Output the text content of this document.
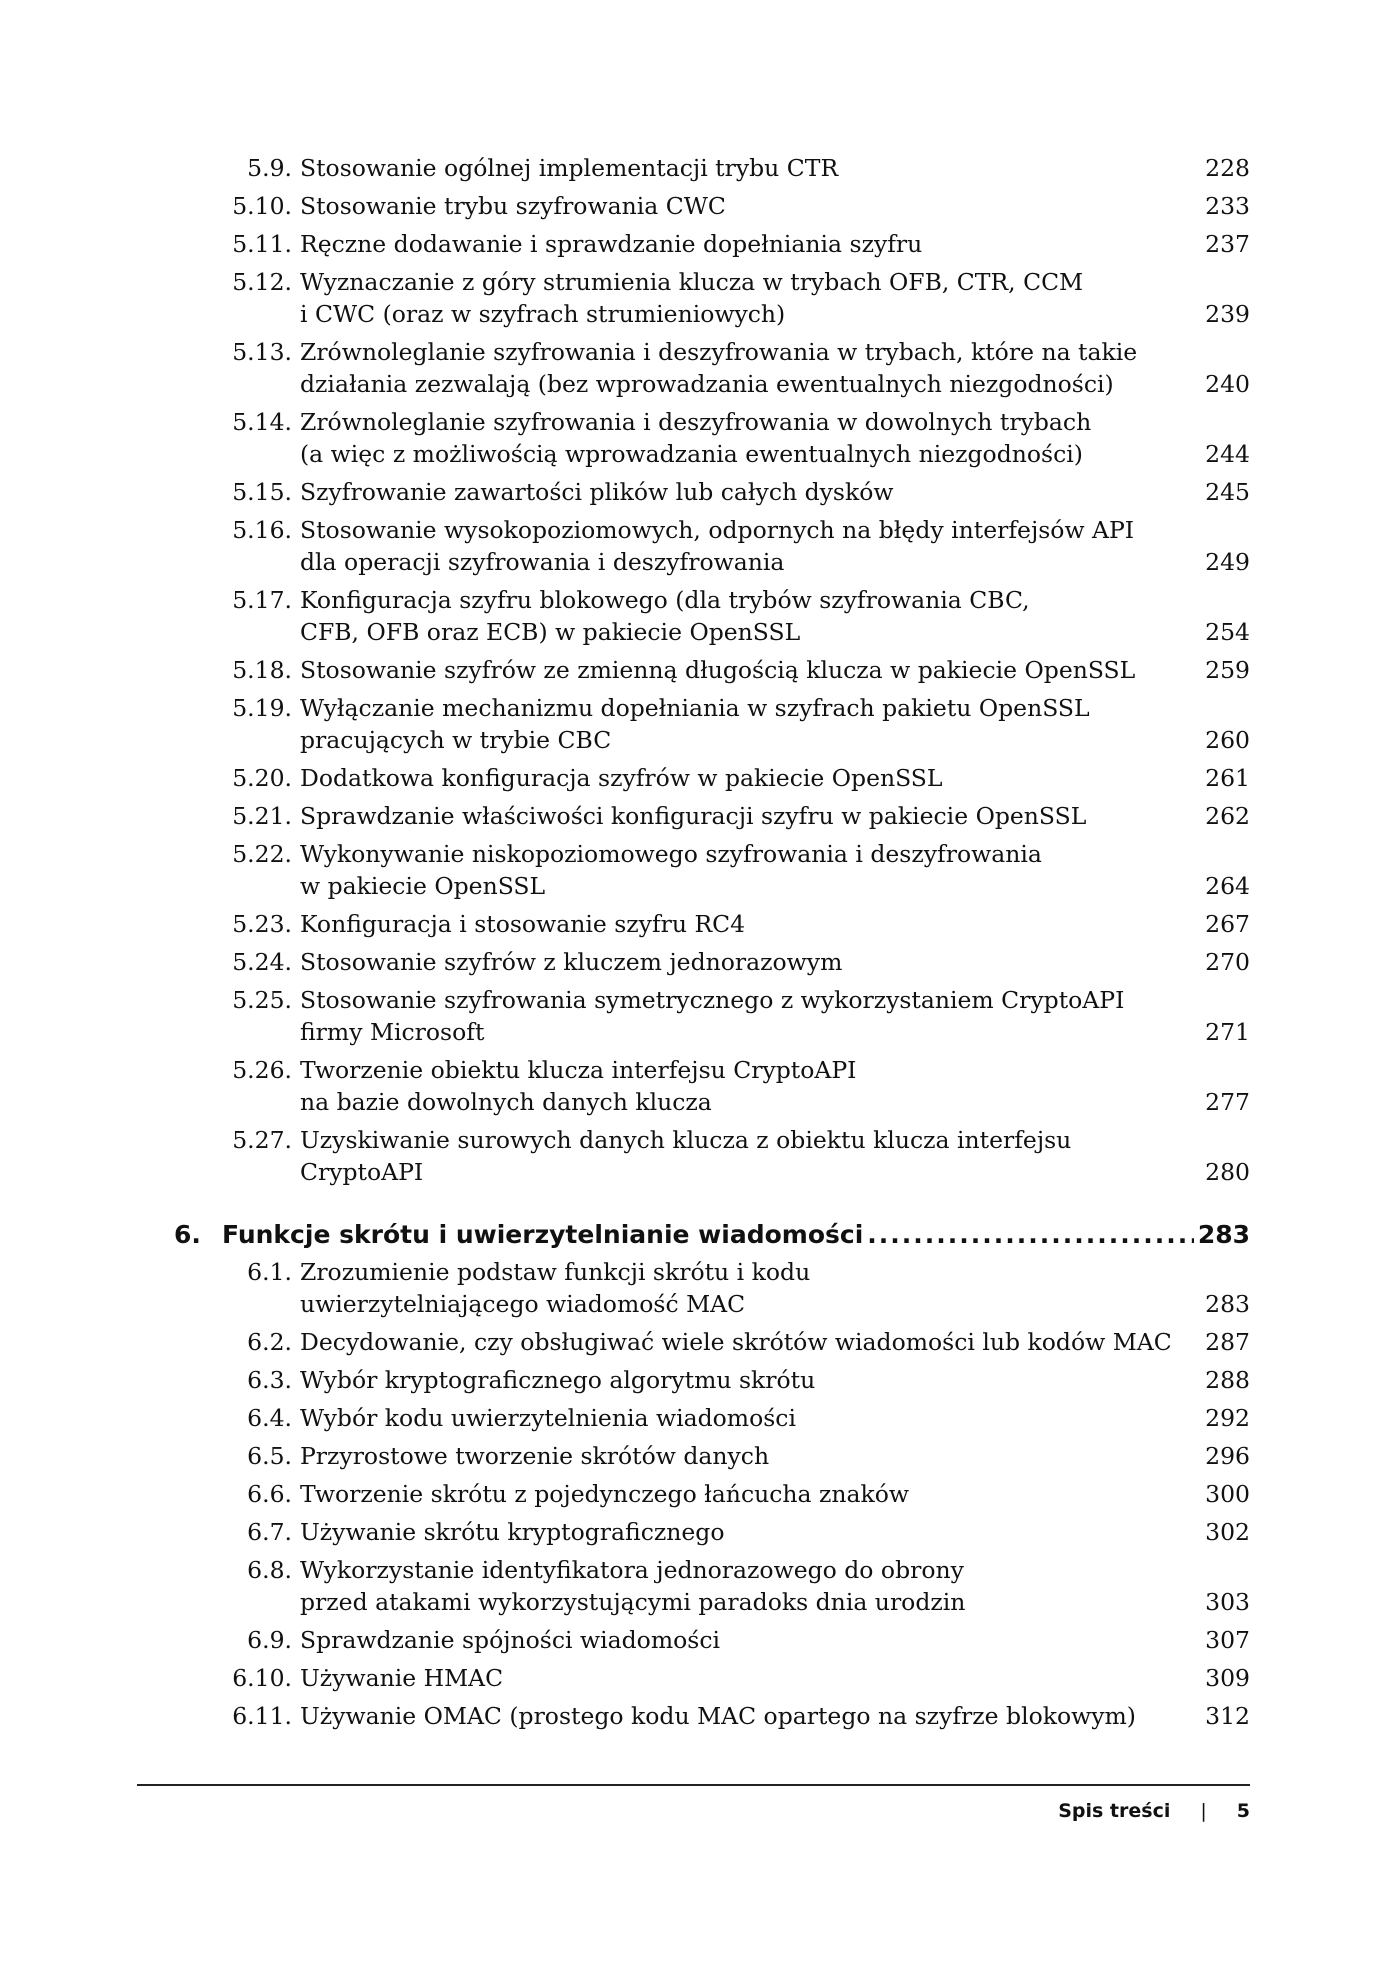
5.9. Stosowanie ogólnej implementacji trybu CTR	228
5.10. Stosowanie trybu szyfrowania CWC	233
5.11. Ręczne dodawanie i sprawdzanie dopełniania szyfru	237
5.12. Wyznaczanie z góry strumienia klucza w trybach OFB, CTR, CCM
i CWC (oraz w szyfrach strumieniowych)	239
5.13. Zrównoleglanie szyfrowania i deszyfrowania w trybach, które na takie
działania zezwalają (bez wprowadzania ewentualnych niezgodności)	240
5.14. Zrównoleglanie szyfrowania i deszyfrowania w dowolnych trybach
(a więc z możliwością wprowadzania ewentualnych niezgodności)	244
5.15. Szyfrowanie zawartości plików lub całych dysków	245
5.16. Stosowanie wysokopoziomowych, odpornych na błędy interfejsów API
dla operacji szyfrowania i deszyfrowania	249
5.17. Konfiguracja szyfru blokowego (dla trybów szyfrowania CBC,
CFB, OFB oraz ECB) w pakiecie OpenSSL	254
5.18. Stosowanie szyfrów ze zmienną długością klucza w pakiecie OpenSSL	259
5.19. Wyłączanie mechanizmu dopełniania w szyfrach pakietu OpenSSL
pracujących w trybie CBC	260
5.20. Dodatkowa konfiguracja szyfrów w pakiecie OpenSSL	261
5.21. Sprawdzanie właściwości konfiguracji szyfru w pakiecie OpenSSL	262
5.22. Wykonywanie niskopoziomowego szyfrowania i deszyfrowania
w pakiecie OpenSSL	264
5.23. Konfiguracja i stosowanie szyfru RC4	267
5.24. Stosowanie szyfrów z kluczem jednorazowym	270
5.25. Stosowanie szyfrowania symetrycznego z wykorzystaniem CryptoAPI
firmy Microsoft	271
5.26. Tworzenie obiektu klucza interfejsu CryptoAPI
na bazie dowolnych danych klucza	277
5.27. Uzyskiwanie surowych danych klucza z obiektu klucza interfejsu CryptoAPI	280
6. Funkcje skrótu i uwierzytelnianie wiadomości .....	283
6.1. Zrozumienie podstaw funkcji skrótu i kodu
uwierzytelniającego wiadomość MAC	283
6.2. Decydowanie, czy obsługiwać wiele skrótów wiadomości lub kodów MAC	287
6.3. Wybór kryptograficznego algorytmu skrótu	288
6.4. Wybór kodu uwierzytelnienia wiadomości	292
6.5. Przyrostowe tworzenie skrótów danych	296
6.6. Tworzenie skrótu z pojedynczego łańcucha znaków	300
6.7. Używanie skrótu kryptograficznego	302
6.8. Wykorzystanie identyfikatora jednorazowego do obrony
przed atakami wykorzystującymi paradoks dnia urodzin	303
6.9. Sprawdzanie spójności wiadomości	307
6.10. Używanie HMAC	309
6.11. Używanie OMAC (prostego kodu MAC opartego na szyfrze blokowym)	312
Spis treści | 5
